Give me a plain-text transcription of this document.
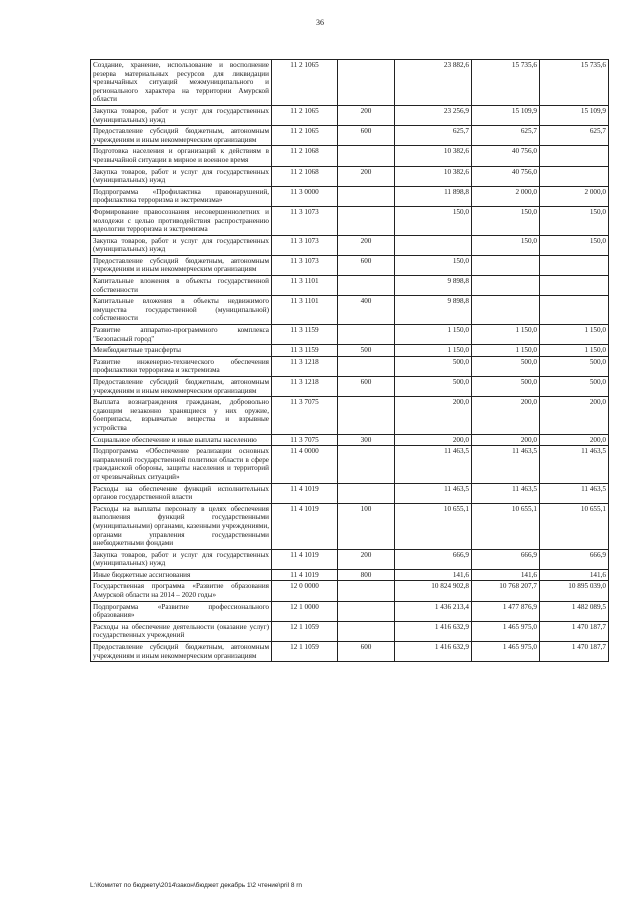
36
Создание, хранение, использование и восполнение резерва материальных ресурсов для ликвидации чрезвычайных ситуаций межмуниципального и регионального характера на территории Амурской области	11 2 1065		23 882,6	15 735,6	15 735,6
Закупка товаров, работ и услуг для государственных (муниципальных) нужд	11 2 1065	200	23 256,9	15 109,9	15 109,9
Предоставление субсидий бюджетным, автономным учреждениям и иным некоммерческим организациям	11 2 1065	600	625,7	625,7	625,7
Подготовка населения и организаций к действиям в чрезвычайной ситуации в мирное и военное время	11 2 1068		10 382,6	40 756,0	
Закупка товаров, работ и услуг для государственных (муниципальных) нужд	11 2 1068	200	10 382,6	40 756,0	
Подпрограмма «Профилактика правонарушений, профилактика терроризма и экстремизма»	11 3 0000		11 898,8	2 000,0	2 000,0
Формирование правосознания несовершеннолетних и молодежи с целью противодействия распространению идеологии терроризма и экстремизма	11 3 1073		150,0	150,0	150,0
Закупка товаров, работ и услуг для государственных (муниципальных) нужд	11 3 1073	200		150,0	150,0
Предоставление субсидий бюджетным, автономным учреждениям и иным некоммерческим организациям	11 3 1073	600	150,0		
Капитальные вложения в объекты государственной собственности	11 3 1101		9 898,8		
Капитальные вложения в объекты недвижимого имущества государственной (муниципальной) собственности	11 3 1101	400	9 898,8		
Развитие аппаратно-программного комплекса "Безопасный город"	11 3 1159		1 150,0	1 150,0	1 150,0
Межбюджетные трансферты	11 3 1159	500	1 150,0	1 150,0	1 150,0
Развитие инженерно-технического обеспечения профилактики терроризма и экстремизма	11 3 1218		500,0	500,0	500,0
Предоставление субсидий бюджетным, автономным учреждениям и иным некоммерческим организациям	11 3 1218	600	500,0	500,0	500,0
Выплата вознаграждения гражданам, добровольно сдающим незаконно хранящиеся у них оружие, боеприпасы, взрывчатые вещества и взрывные устройства	11 3 7075		200,0	200,0	200,0
Социальное обеспечение и иные выплаты населению	11 3 7075	300	200,0	200,0	200,0
Подпрограмма «Обеспечение реализации основных направлений государственной политики области в сфере гражданской обороны, защиты населения и территорий от чрезвычайных ситуаций»	11 4 0000		11 463,5	11 463,5	11 463,5
Расходы на обеспечение функций исполнительных органов государственной власти	11 4 1019		11 463,5	11 463,5	11 463,5
Расходы на выплаты персоналу в целях обеспечения выполнения функций государственными (муниципальными) органами, казенными учреждениями, органами управления государственными внебюджетными фондами	11 4 1019	100	10 655,1	10 655,1	10 655,1
Закупка товаров, работ и услуг для государственных (муниципальных) нужд	11 4 1019	200	666,9	666,9	666,9
Иные бюджетные ассигнования	11 4 1019	800	141,6	141,6	141,6
Государственная программа «Развитие образования Амурской области на 2014 – 2020 годы»	12 0 0000		10 824 902,8	10 768 207,7	10 895 039,0
Подпрограмма «Развитие профессионального образования»	12 1 0000		1 436 213,4	1 477 876,9	1 482 089,5
Расходы на обеспечение деятельности (оказание услуг) государственных учреждений	12 1 1059		1 416 632,9	1 465 975,0	1 470 187,7
Предоставление субсидий бюджетным, автономным учреждениям и иным некоммерческим организациям	12 1 1059	600	1 416 632,9	1 465 975,0	1 470 187,7
L:\Комитет по бюджету\2014\закон\бюджет декабрь 1\2 чтение\pril 8 rn
